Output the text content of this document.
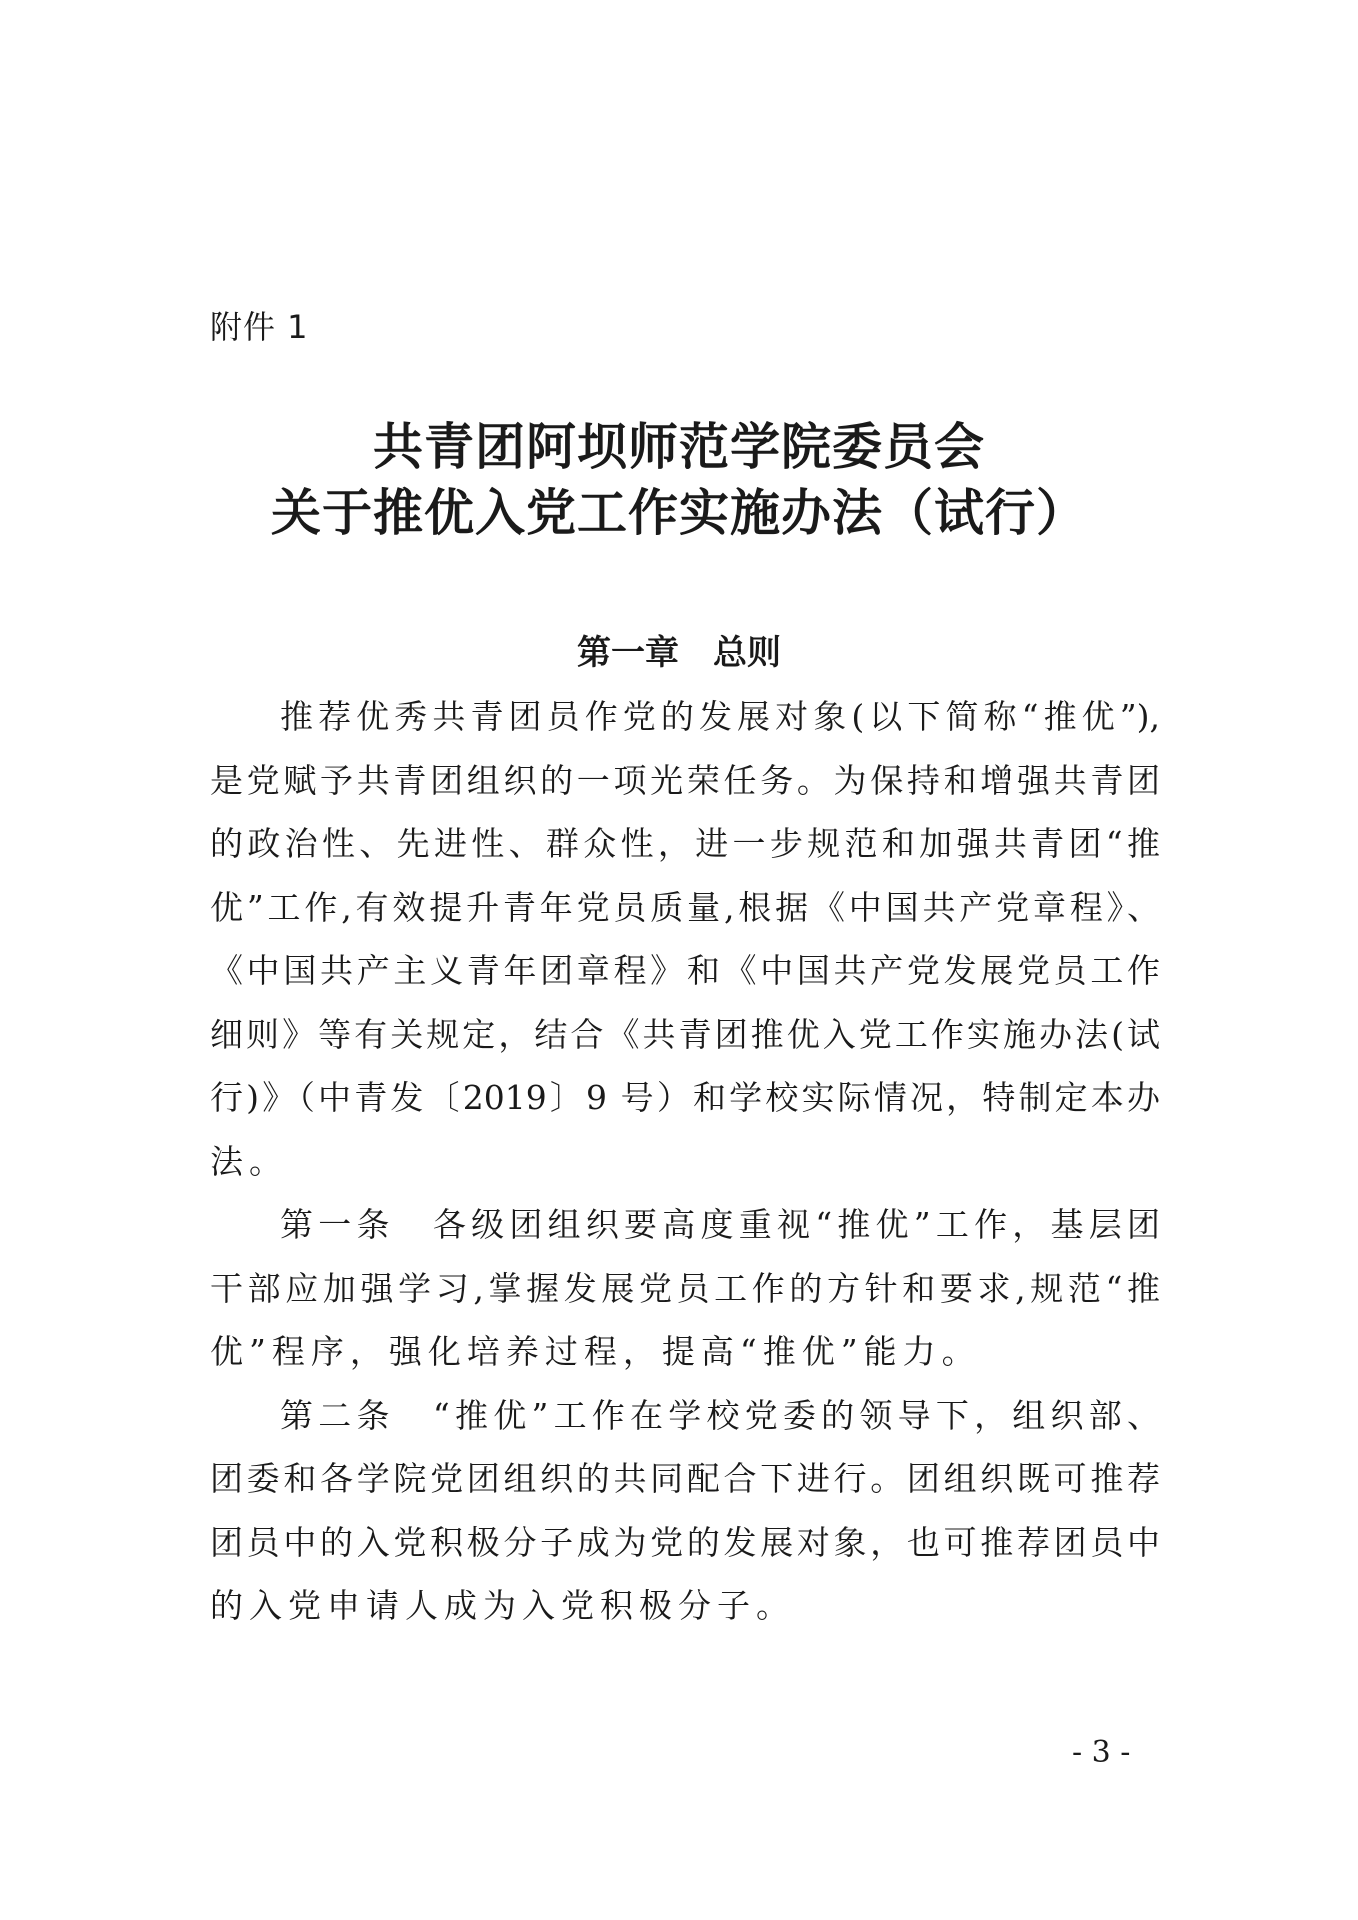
附件 1
共青团阿坝师范学院委员会
关于推优入党工作实施办法（试行）
第一章　总则
推荐优秀共青团员作党的发展对象(以下简称“推优”),
是党赋予共青团组织的一项光荣任务。为保持和增强共青团
的政治性、先进性、群众性，进一步规范和加强共青团“推
优”工作,有效提升青年党员质量,根据《中国共产党章程》、
《中国共产主义青年团章程》和《中国共产党发展党员工作
细则》等有关规定，结合《共青团推优入党工作实施办法(试
行)》（中青发〔2019〕9 号）和学校实际情况，特制定本办
法。
第一条　各级团组织要高度重视“推优”工作，基层团
干部应加强学习,掌握发展党员工作的方针和要求,规范“推
优”程序，强化培养过程，提高“推优”能力。
第二条　“推优”工作在学校党委的领导下，组织部、
团委和各学院党团组织的共同配合下进行。团组织既可推荐
团员中的入党积极分子成为党的发展对象，也可推荐团员中
的入党申请人成为入党积极分子。
- 3 -
